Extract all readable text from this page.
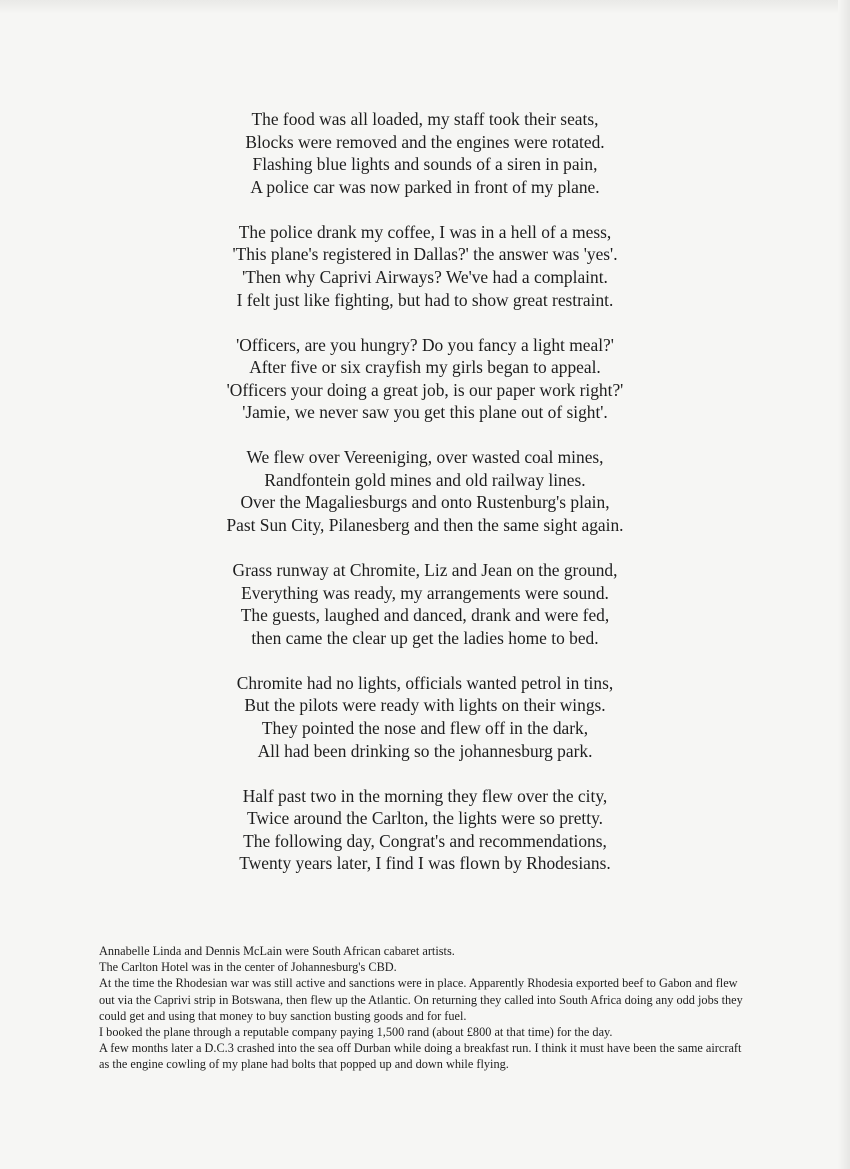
The food was all loaded, my staff took their seats,
Blocks were removed and the engines were rotated.
Flashing blue lights and sounds of a siren in pain,
A police car was now parked in front of my plane.
The police drank my coffee, I was in a hell of a mess,
'This plane's registered in Dallas?' the answer was 'yes'.
'Then why Caprivi Airways? We've had a complaint.
I felt just like fighting, but had to show great restraint.
'Officers, are you hungry? Do you fancy a light meal?'
After five or six crayfish my girls began to appeal.
'Officers your doing a great job, is our paper work right?'
'Jamie, we never saw you get this plane out of sight'.
We flew over Vereeniging, over wasted coal mines,
Randfontein gold mines and old railway lines.
Over the Magaliesburgs and onto Rustenburg's plain,
Past Sun City, Pilanesberg and then the same sight again.
Grass runway at Chromite, Liz and Jean on the ground,
Everything was ready, my arrangements were sound.
The guests, laughed and danced, drank and were fed,
then came the clear up get the ladies home to bed.
Chromite had no lights, officials wanted petrol in tins,
But the pilots were ready with lights on their wings.
They pointed the nose and flew off in the dark,
All had been drinking so the johannesburg park.
Half past two in the morning they flew over the city,
Twice around the Carlton, the lights were so pretty.
The following day, Congrat's and recommendations,
Twenty years later, I find I was flown by Rhodesians.

Annabelle Linda and Dennis McLain were South African cabaret artists.

The Carlton Hotel was in the center of Johannesburg's CBD.

At the time the Rhodesian war was still active and sanctions were in place. Apparently Rhodesia exported beef to Gabon and flew out via the Caprivi strip in Botswana, then flew up the Atlantic. On returning they called into South Africa doing any odd jobs they could get and using that money to buy sanction busting goods and for fuel.

I booked the plane through a reputable company paying 1,500 rand (about £800 at that time) for the day.

A few months later a D.C.3 crashed into the sea off Durban while doing a breakfast run. I think it must have been the same aircraft as the engine cowling of my plane had bolts that popped up and down while flying.
